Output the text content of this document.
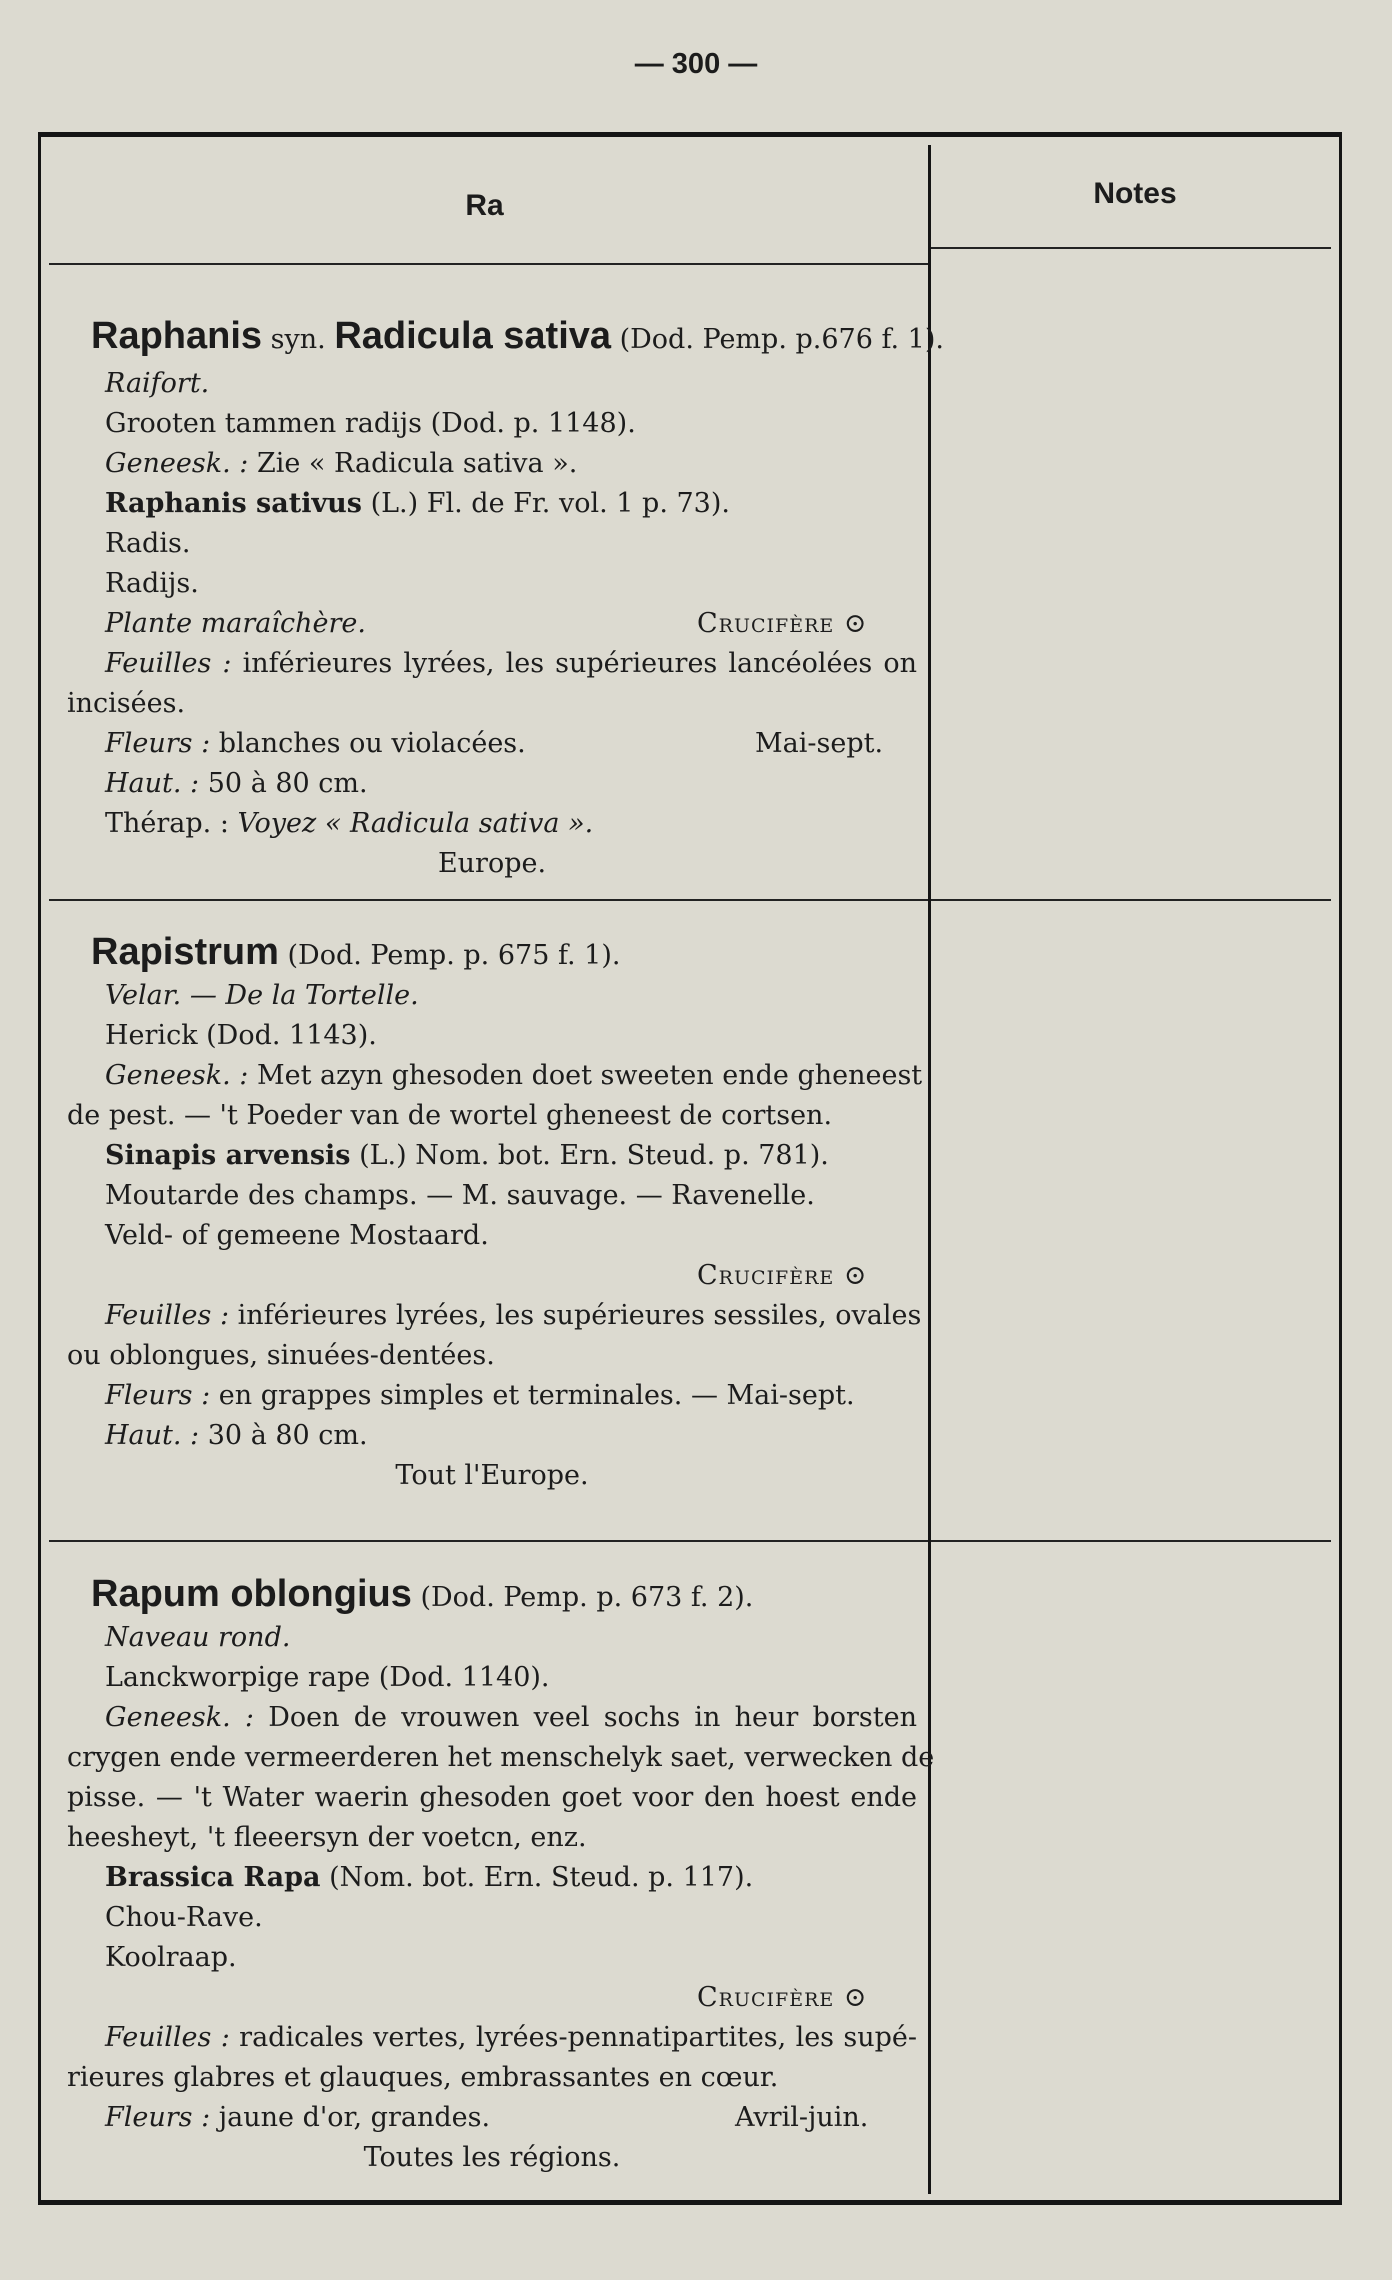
— 300 —
Ra	Notes
Raphanis syn. Radicula sativa (Dod. Pemp. p.676 f. 1).
Raifort.
Grooten tammen radijs (Dod. p. 1148).
Geneesk. : Zie « Radicula sativa ».
Raphanis sativus (L.) Fl. de Fr. vol. 1 p. 73).
Radis.
Radijs.
Plante maraîchère.	Crucifère ⊙
Feuilles : inférieures lyrées, les supérieures lancéolées on
incisées.
Fleurs : blanches ou violacées.	Mai-sept.
Haut. : 50 à 80 cm.
Thérap. : Voyez « Radicula sativa ».
Europe.
Rapistrum (Dod. Pemp. p. 675 f. 1).
Velar. — De la Tortelle.
Herick (Dod. 1143).
Geneesk. : Met azyn ghesoden doet sweeten ende gheneest
de pest. — 't Poeder van de wortel gheneest de cortsen.
Sinapis arvensis (L.) Nom. bot. Ern. Steud. p. 781).
Moutarde des champs. — M. sauvage. — Ravenelle.
Veld- of gemeene Mostaard.
Crucifère ⊙
Feuilles : inférieures lyrées, les supérieures sessiles, ovales
ou oblongues, sinuées-dentées.
Fleurs : en grappes simples et terminales. — Mai-sept.
Haut. : 30 à 80 cm.
Tout l'Europe.
Rapum oblongius (Dod. Pemp. p. 673 f. 2).
Naveau rond.
Lanckworpige rape (Dod. 1140).
Geneesk. : Doen de vrouwen veel sochs in heur borsten
crygen ende vermeerderen het menschelyk saet, verwecken de
pisse. — 't Water waerin ghesoden goet voor den hoest ende
heesheyt, 't fleeersyn der voetcn, enz.
Brassica Rapa (Nom. bot. Ern. Steud. p. 117).
Chou-Rave.
Koolraap.
Crucifère ⊙
Feuilles : radicales vertes, lyrées-pennatipartites, les supé-
rieures glabres et glauques, embrassantes en cœur.
Fleurs : jaune d'or, grandes.	Avril-juin.
Toutes les régions.
